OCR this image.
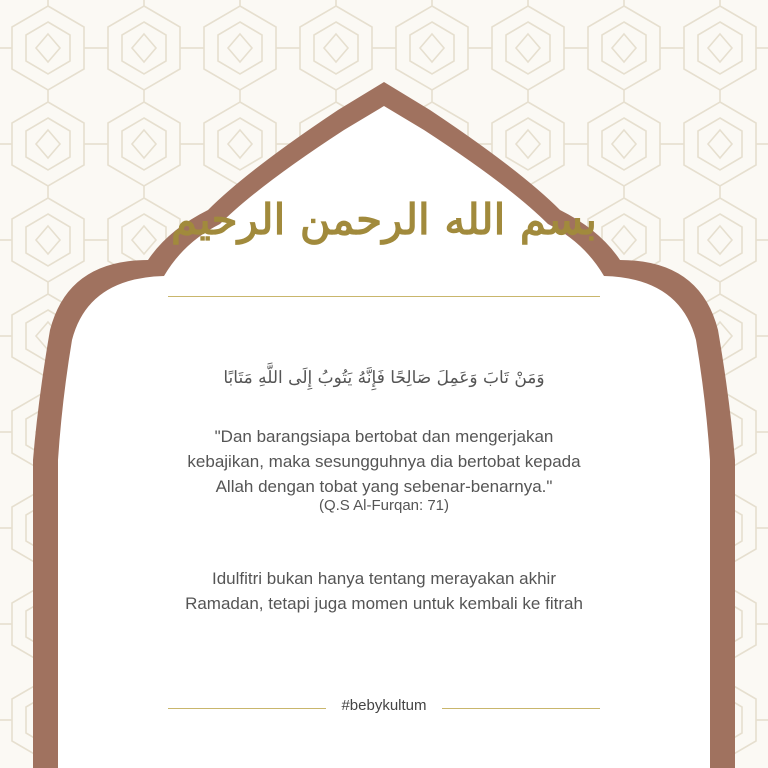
بسم الله الرحمن الرحيم
وَمَنْ تَابَ وَعَمِلَ صَالِحًا فَإِنَّهُ يَتُوبُ إِلَى اللَّهِ مَتَابًا
"Dan barangsiapa bertobat dan mengerjakan
kebajikan, maka sesungguhnya dia bertobat kepada
Allah dengan tobat yang sebenar-benarnya."
(Q.S Al-Furqan: 71)
Idulfitri bukan hanya tentang merayakan akhir
Ramadan, tetapi juga momen untuk kembali ke fitrah
#bebykultum
